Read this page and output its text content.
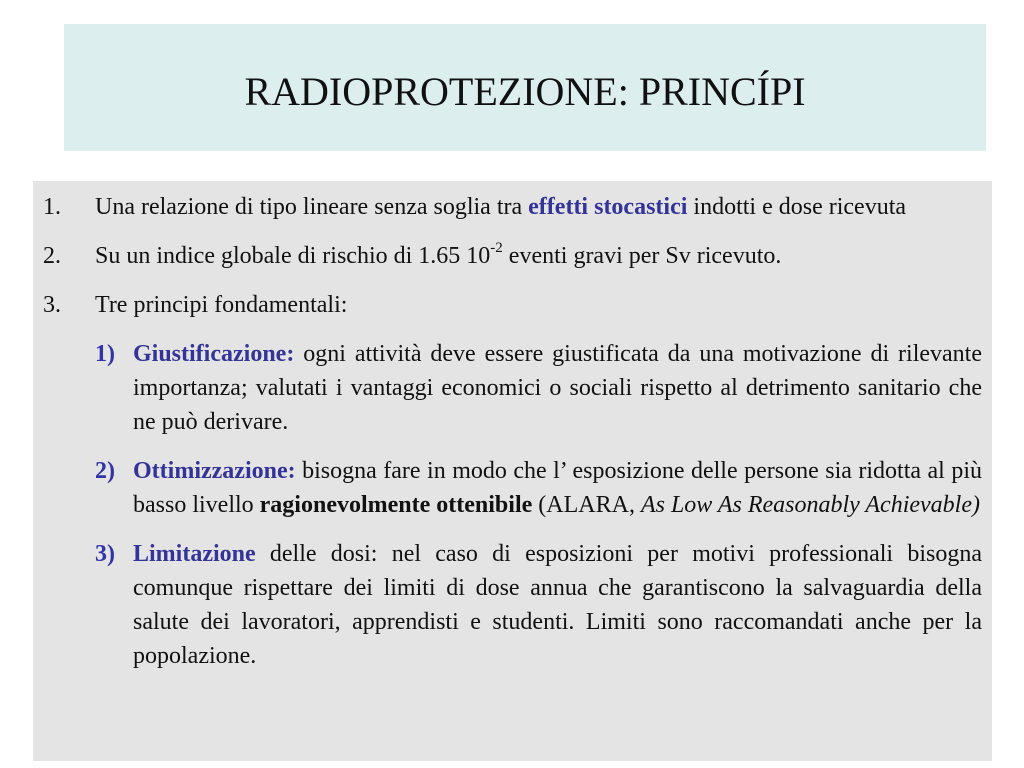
RADIOPROTEZIONE: PRINCÍPI
1. Una relazione di tipo lineare senza soglia tra effetti stocastici indotti e dose ricevuta
2. Su un indice globale di rischio di 1.65 $10^{-2}$ eventi gravi per Sv ricevuto.
3. Tre principi fondamentali:
1) Giustificazione: ogni attività deve essere giustificata da una motivazione di rilevante importanza; valutati i vantaggi economici o sociali rispetto al detrimento sanitario che ne può derivare.
2) Ottimizzazione: bisogna fare in modo che l’ esposizione delle persone sia ridotta al più basso livello ragionevolmente ottenibile (ALARA, As Low As Reasonably Achievable)
3) Limitazione delle dosi: nel caso di esposizioni per motivi professionali bisogna comunque rispettare dei limiti di dose annua che garantiscono la salvaguardia della salute dei lavoratori, apprendisti e studenti. Limiti sono raccomandati anche per la popolazione.
